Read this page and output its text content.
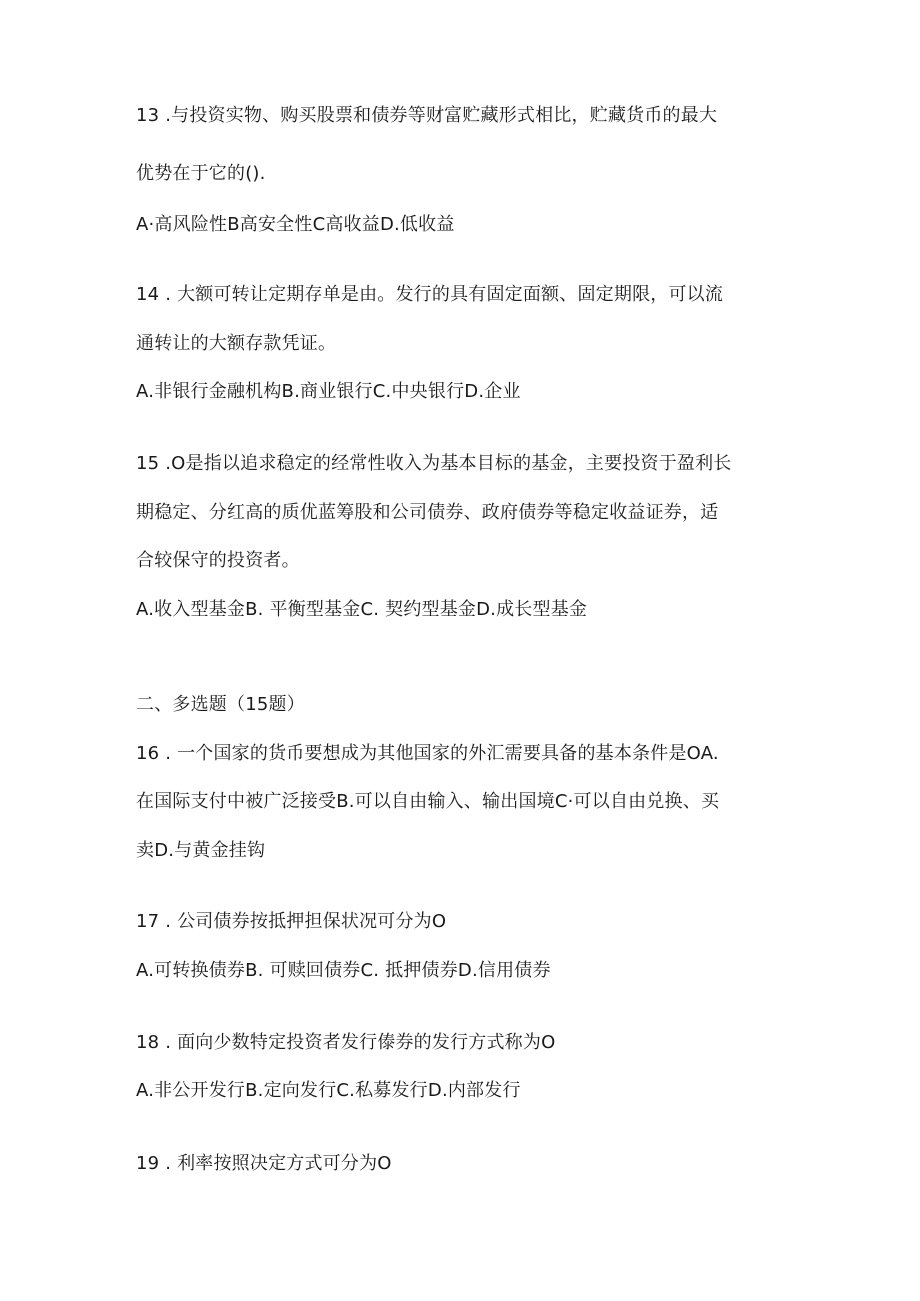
13 .与投资实物、购买股票和债券等财富贮藏形式相比，贮藏货币的最大
优势在于它的().
A·高风险性B高安全性C高收益D.低收益
14 . 大额可转让定期存单是由。发行的具有固定面额、固定期限，可以流
通转让的大额存款凭证。
A.非银行金融机构B.商业银行C.中央银行D.企业
15 .O是指以追求稳定的经常性收入为基本目标的基金，主要投资于盈利长
期稳定、分红高的质优蓝筹股和公司债券、政府债券等稳定收益证券，适
合较保守的投资者。
A.收入型基金B. 平衡型基金C. 契约型基金D.成长型基金
二、多选题（15题）
16 . 一个国家的货币要想成为其他国家的外汇需要具备的基本条件是OA.
在国际支付中被广泛接受B.可以自由输入、输出国境C·可以自由兑换、买
卖D.与黄金挂钩
17 . 公司债券按抵押担保状况可分为O
A.可转换债券B. 可赎回债券C. 抵押债券D.信用债券
18 . 面向少数特定投资者发行傣券的发行方式称为O
A.非公开发行B.定向发行C.私募发行D.内部发行
19 . 利率按照决定方式可分为O
